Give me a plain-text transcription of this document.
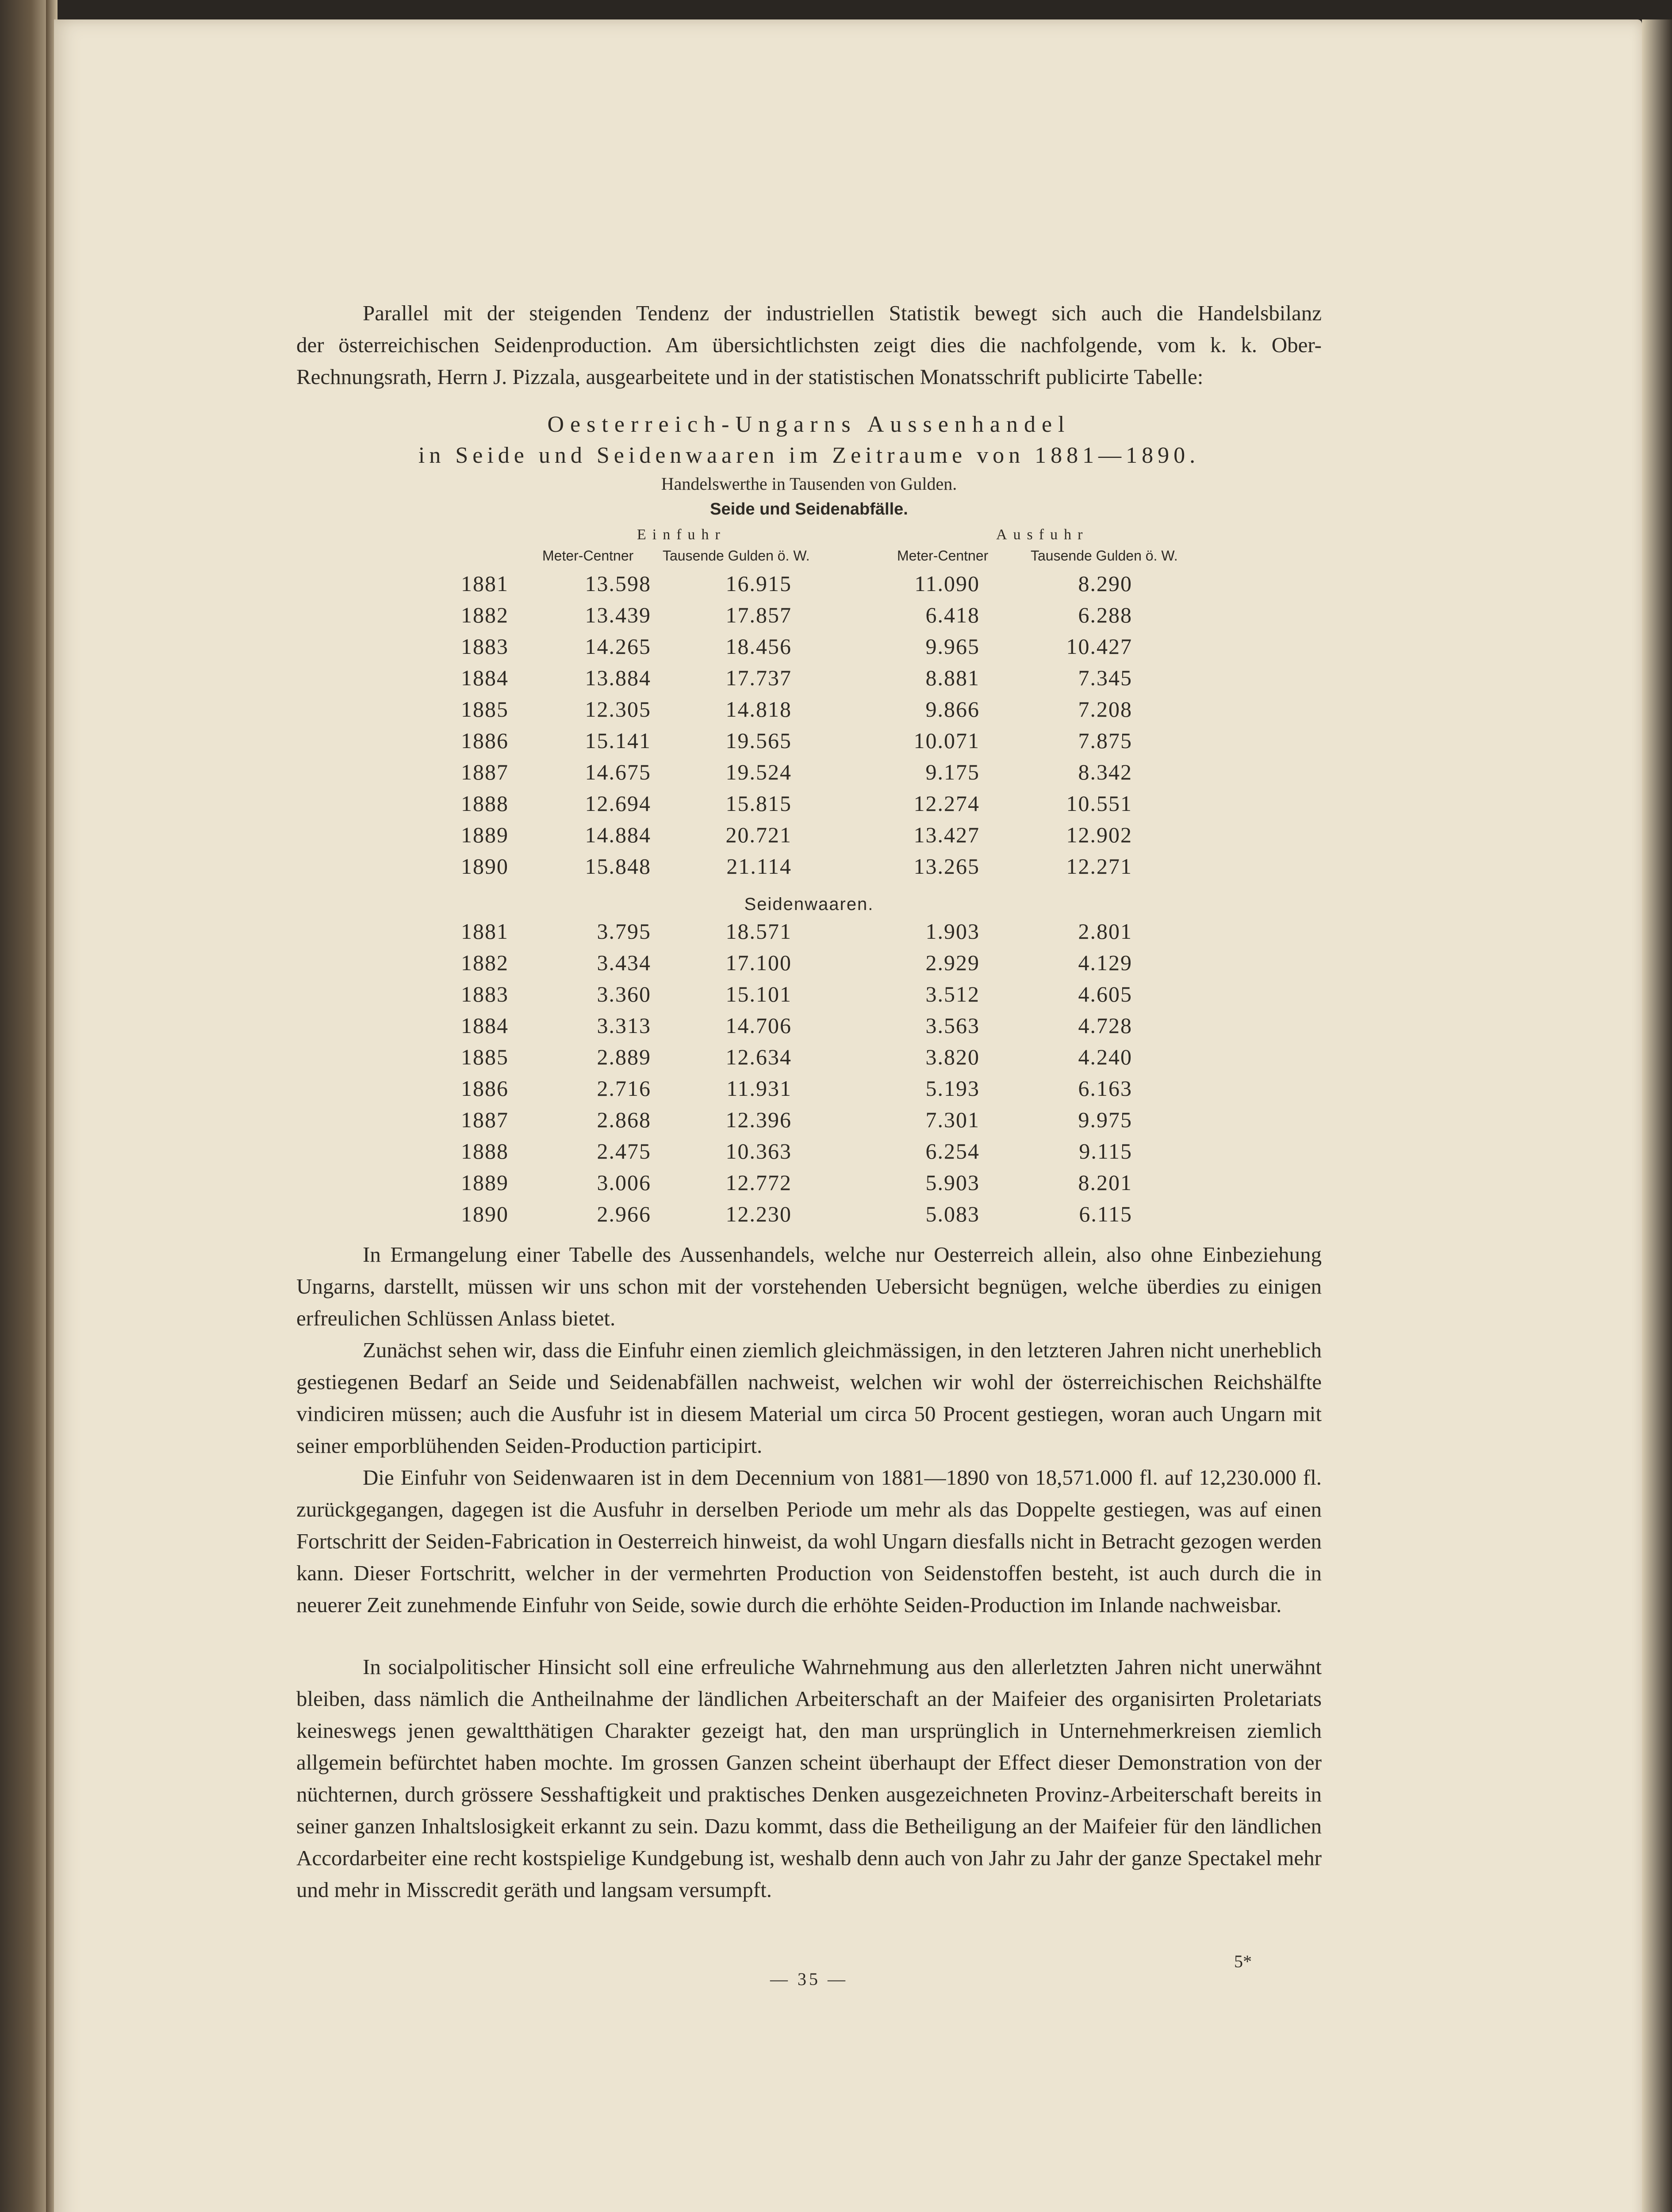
Parallel mit der steigenden Tendenz der industriellen Statistik bewegt sich auch die Handelsbilanz
der österreichischen Seidenproduction. Am übersichtlichsten zeigt dies die nachfolgende, vom k. k. Ober-
Rechnungsrath, Herrn J. Pizzala, ausgearbeitete und in der statistischen Monatsschrift publicirte Tabelle:
Oesterreich-Ungarns Aussenhandel
in Seide und Seidenwaaren im Zeitraume von 1881—1890.
Handelswerthe in Tausenden von Gulden.
Seide und Seidenabfälle.
Einfuhr	Ausfuhr
Meter-Centner Tausende Gulden ö. W.	Meter-Centner	Tausende Gulden ö. W.
1881	13.598	16.915	11.090	8.290
1882	13.439	17.857	6.418	6.288
1883	14.265	18.456	9.965	10.427
1884	13.884	17.737	8.881	7.345
1885	12.305	14.818	9.866	7.208
1886	15.141	19.565	10.071	7.875
1887	14.675	19.524	9.175	8.342
1888	12.694	15.815	12.274	10.551
1889	14.884	20.721	13.427	12.902
1890	15.848	21.114	13.265	12.271
Seidenwaaren.
1881	3.795	18.571	1.903	2.801
1882	3.434	17.100	2.929	4.129
1883	3.360	15.101	3.512	4.605
1884	3.313	14.706	3.563	4.728
1885	2.889	12.634	3.820	4.240
1886	2.716	11.931	5.193	6.163
1887	2.868	12.396	7.301	9.975
1888	2.475	10.363	6.254	9.115
1889	3.006	12.772	5.903	8.201
1890	2.966	12.230	5.083	6.115
In Ermangelung einer Tabelle des Aussenhandels, welche nur Oesterreich allein, also ohne Einbeziehung Ungarns, darstellt, müssen wir uns schon mit der vorstehenden Uebersicht begnügen, welche überdies zu einigen erfreulichen Schlüssen Anlass bietet.
Zunächst sehen wir, dass die Einfuhr einen ziemlich gleichmässigen, in den letzteren Jahren nicht unerheblich gestiegenen Bedarf an Seide und Seidenabfällen nachweist, welchen wir wohl der österreichischen Reichshälfte vindiciren müssen; auch die Ausfuhr ist in diesem Material um circa 50 Procent gestiegen, woran auch Ungarn mit seiner emporblühenden Seiden-Production participirt.
Die Einfuhr von Seidenwaaren ist in dem Decennium von 1881—1890 von 18,571.000 fl. auf 12,230.000 fl. zurückgegangen, dagegen ist die Ausfuhr in derselben Periode um mehr als das Doppelte gestiegen, was auf einen Fortschritt der Seiden-Fabrication in Oesterreich hinweist, da wohl Ungarn diesfalls nicht in Betracht gezogen werden kann. Dieser Fortschritt, welcher in der vermehrten Production von Seidenstoffen besteht, ist auch durch die in neuerer Zeit zunehmende Einfuhr von Seide, sowie durch die erhöhte Seiden-Production im Inlande nachweisbar.
In socialpolitischer Hinsicht soll eine erfreuliche Wahrnehmung aus den allerletzten Jahren nicht unerwähnt bleiben, dass nämlich die Antheilnahme der ländlichen Arbeiterschaft an der Maifeier des organisirten Proletariats keineswegs jenen gewaltthätigen Charakter gezeigt hat, den man ursprünglich in Unternehmerkreisen ziemlich allgemein befürchtet haben mochte. Im grossen Ganzen scheint überhaupt der Effect dieser Demonstration von der nüchternen, durch grössere Sesshaftigkeit und praktisches Denken ausgezeichneten Provinz-Arbeiterschaft bereits in seiner ganzen Inhaltslosigkeit erkannt zu sein. Dazu kommt, dass die Betheiligung an der Maifeier für den ländlichen Accordarbeiter eine recht kostspielige Kundgebung ist, weshalb denn auch von Jahr zu Jahr der ganze Spectakel mehr und mehr in Misscredit geräth und langsam versumpft.
— 35 —
5*
